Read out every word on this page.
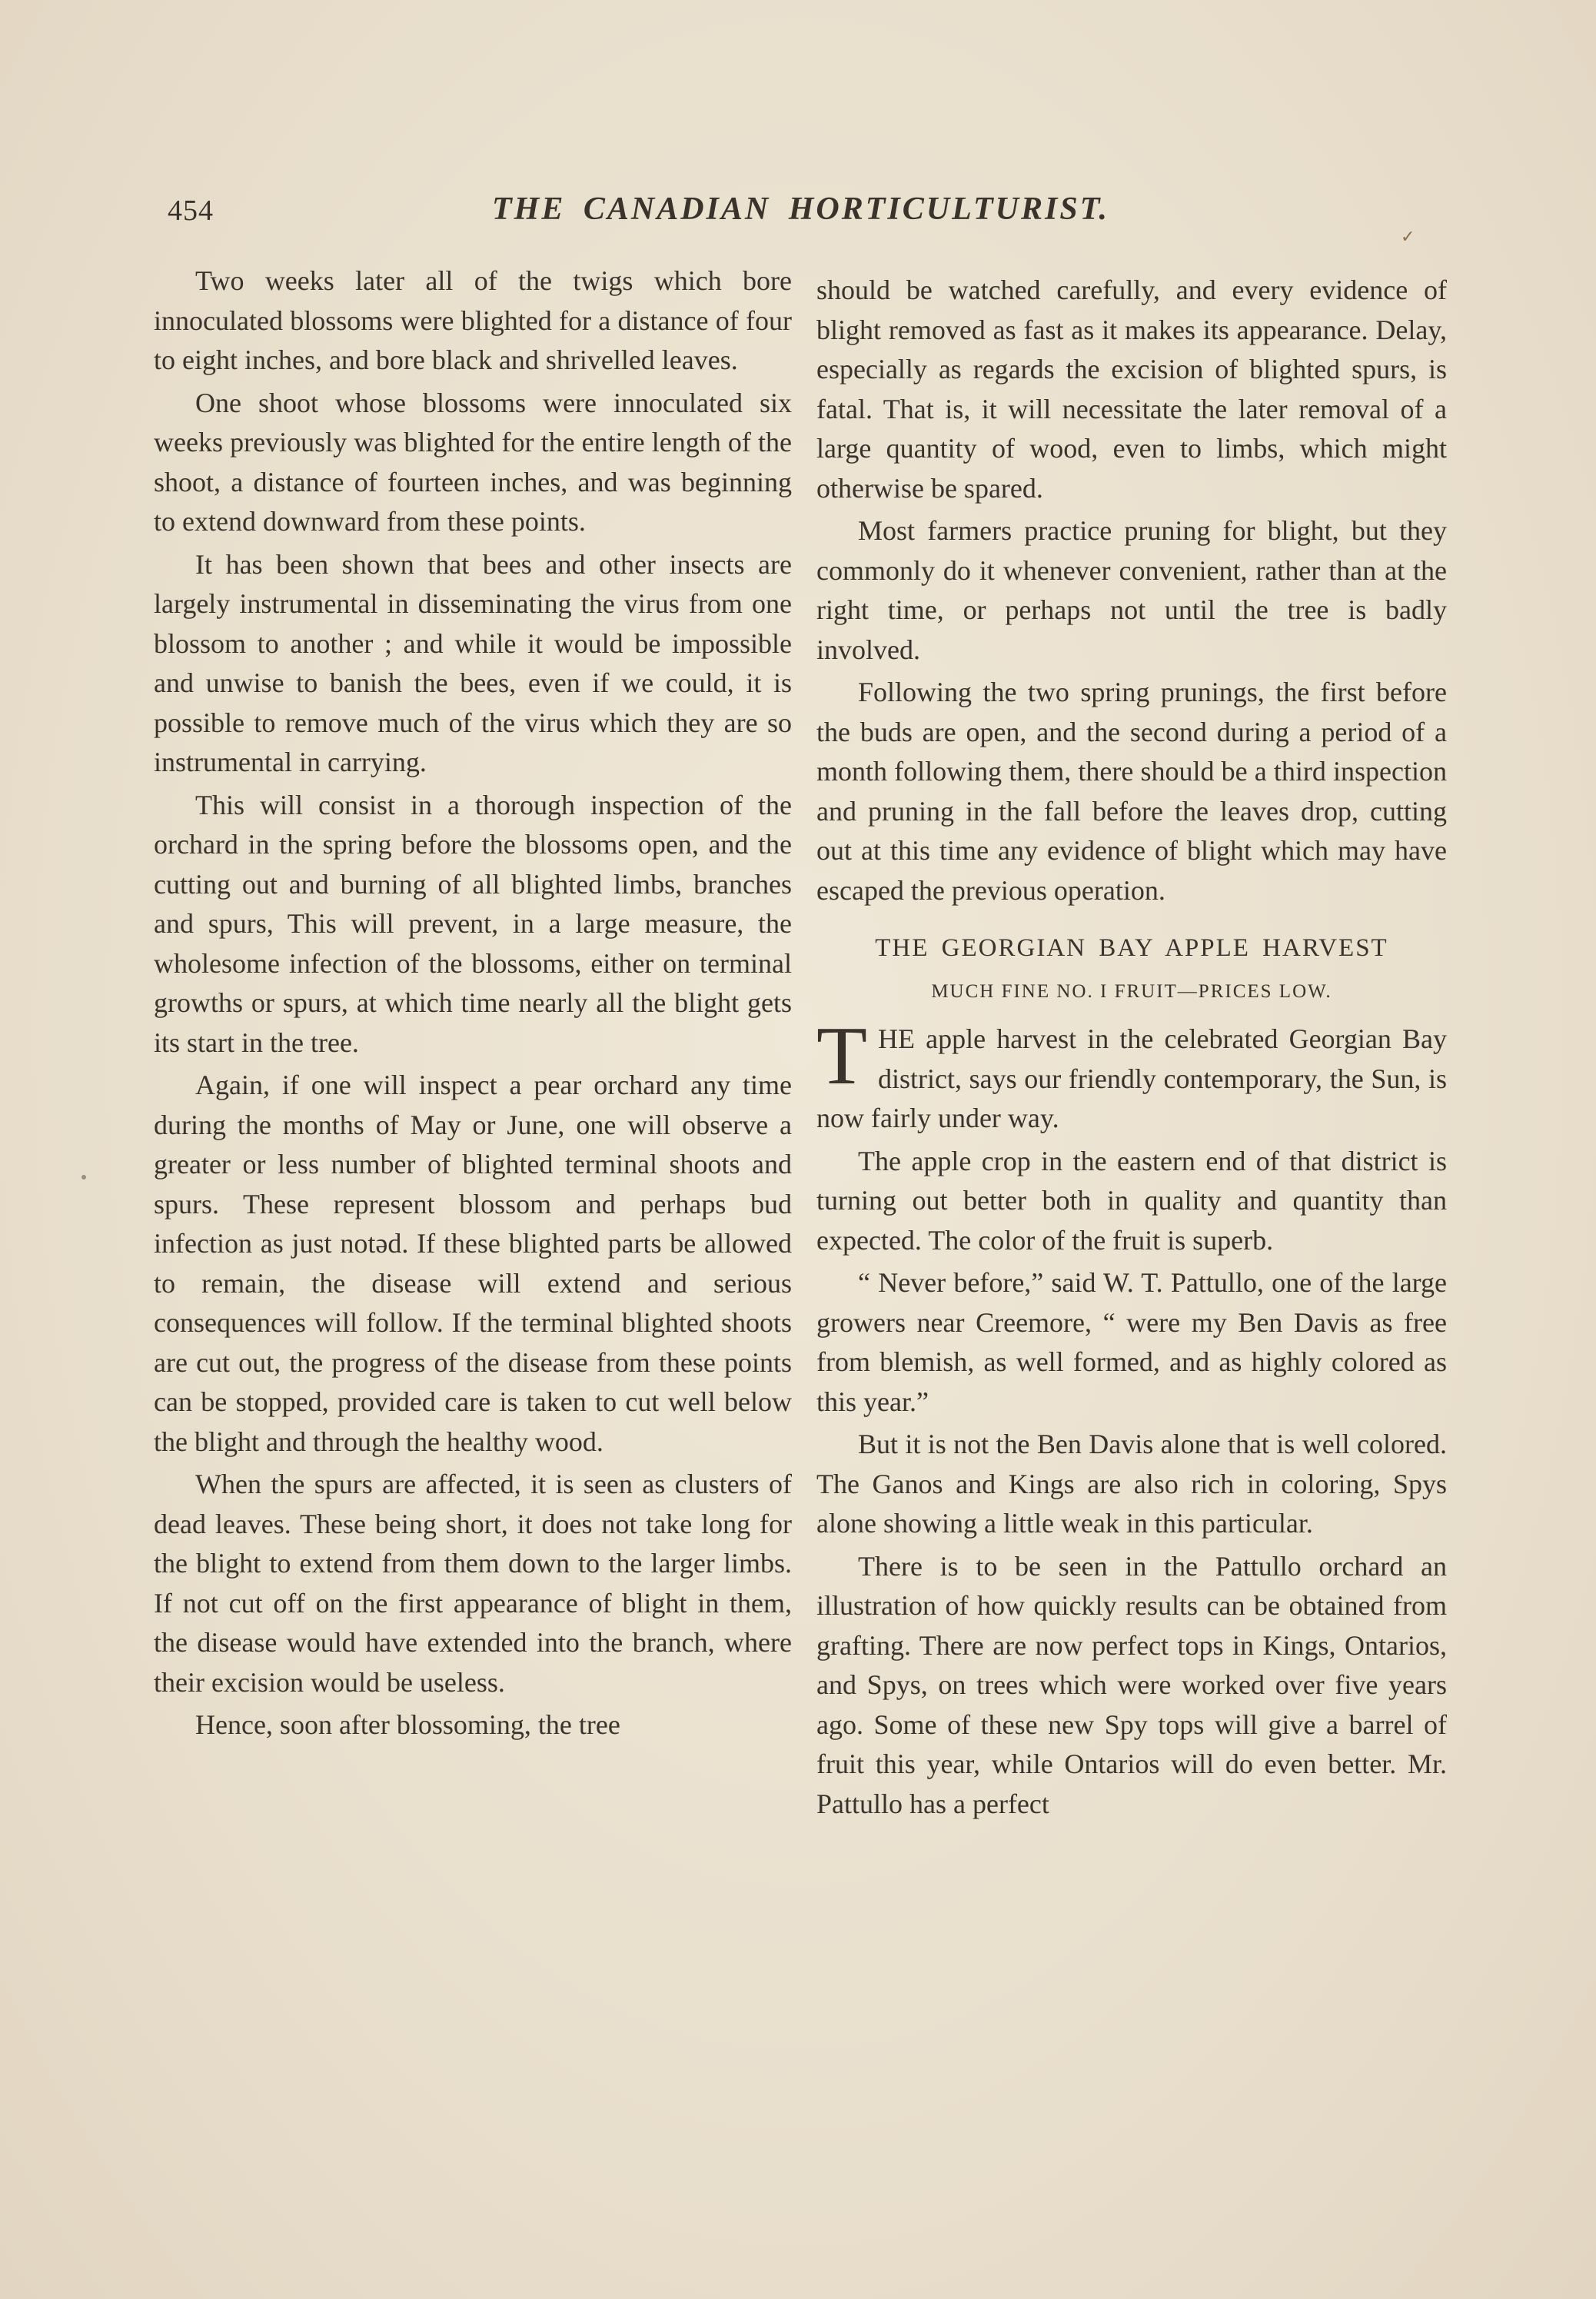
454	THE CANADIAN HORTICULTURIST.
✓

Two weeks later all of the twigs which bore innoculated blossoms were blighted for a distance of four to eight inches, and bore black and shrivelled leaves.

One shoot whose blossoms were innoculated six weeks previously was blighted for the entire length of the shoot, a distance of fourteen inches, and was beginning to extend downward from these points.

It has been shown that bees and other insects are largely instrumental in disseminating the virus from one blossom to another ; and while it would be impossible and unwise to banish the bees, even if we could, it is possible to remove much of the virus which they are so instrumental in carrying.

This will consist in a thorough inspection of the orchard in the spring before the blossoms open, and the cutting out and burning of all blighted limbs, branches and spurs, This will prevent, in a large measure, the wholesome infection of the blossoms, either on terminal growths or spurs, at which time nearly all the blight gets its start in the tree.

Again, if one will inspect a pear orchard any time during the months of May or June, one will observe a greater or less number of blighted terminal shoots and spurs. These represent blossom and perhaps bud infection as just notəd. If these blighted parts be allowed to remain, the disease will extend and serious consequences will follow. If the terminal blighted shoots are cut out, the progress of the disease from these points can be stopped, provided care is taken to cut well below the blight and through the healthy wood.

When the spurs are affected, it is seen as clusters of dead leaves. These being short, it does not take long for the blight to extend from them down to the larger limbs. If not cut off on the first appearance of blight in them, the disease would have extended into the branch, where their excision would be useless.

Hence, soon after blossoming, the tree

should be watched carefully, and every evidence of blight removed as fast as it makes its appearance. Delay, especially as regards the excision of blighted spurs, is fatal. That is, it will necessitate the later removal of a large quantity of wood, even to limbs, which might otherwise be spared.

Most farmers practice pruning for blight, but they commonly do it whenever convenient, rather than at the right time, or perhaps not until the tree is badly involved.

Following the two spring prunings, the first before the buds are open, and the second during a period of a month following them, there should be a third inspection and pruning in the fall before the leaves drop, cutting out at this time any evidence of blight which may have escaped the previous operation.

THE GEORGIAN BAY APPLE HARVEST
MUCH FINE NO. I FRUIT—PRICES LOW.

THE apple harvest in the celebrated Georgian Bay district, says our friendly contemporary, the Sun, is now fairly under way.

The apple crop in the eastern end of that district is turning out better both in quality and quantity than expected. The color of the fruit is superb.

“ Never before,” said W. T. Pattullo, one of the large growers near Creemore, “ were my Ben Davis as free from blemish, as well formed, and as highly colored as this year.”

But it is not the Ben Davis alone that is well colored. The Ganos and Kings are also rich in coloring, Spys alone showing a little weak in this particular.

There is to be seen in the Pattullo orchard an illustration of how quickly results can be obtained from grafting. There are now perfect tops in Kings, Ontarios, and Spys, on trees which were worked over five years ago. Some of these new Spy tops will give a barrel of fruit this year, while Ontarios will do even better. Mr. Pattullo has a perfect
